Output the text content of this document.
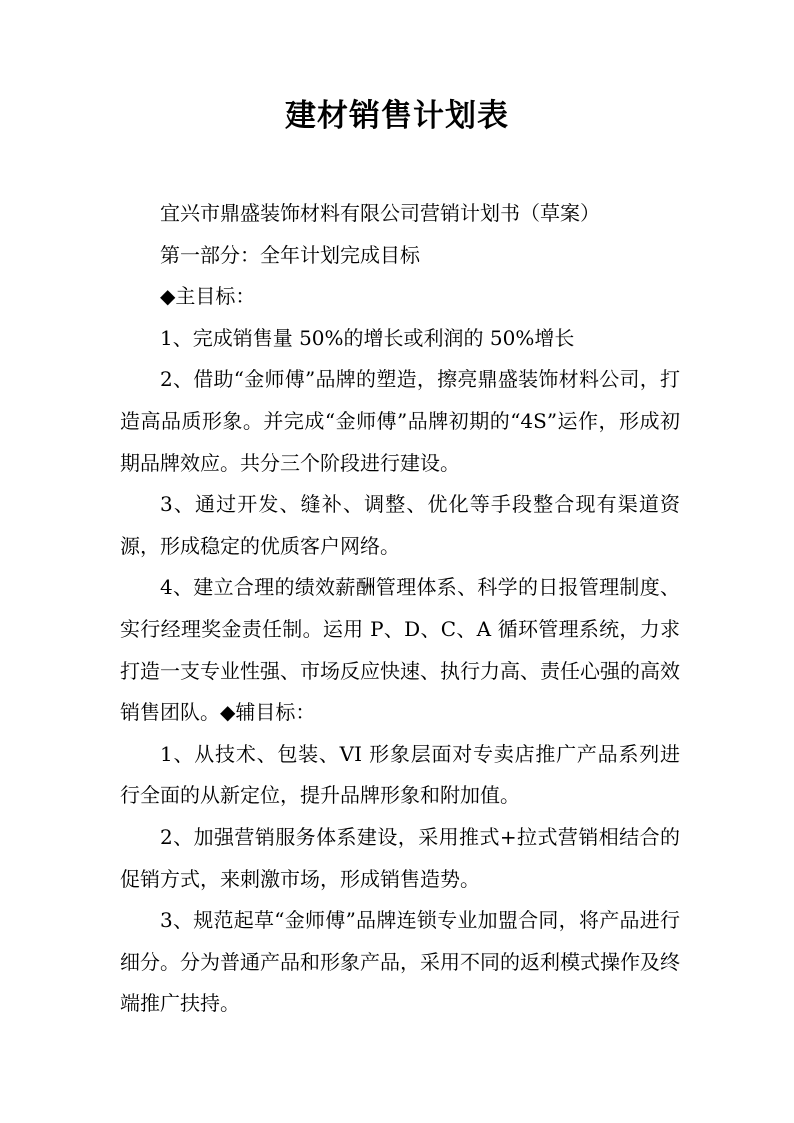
建材销售计划表

宜兴市鼎盛装饰材料有限公司营销计划书（草案）

第一部分：全年计划完成目标

◆主目标：

1、完成销售量 50%的增长或利润的 50%增长

2、借助“金师傅”品牌的塑造，擦亮鼎盛装饰材料公司，打造高品质形象。并完成“金师傅”品牌初期的“4S”运作，形成初期品牌效应。共分三个阶段进行建设。

3、通过开发、缝补、调整、优化等手段整合现有渠道资源，形成稳定的优质客户网络。

4、建立合理的绩效薪酬管理体系、科学的日报管理制度、实行经理奖金责任制。运用 P、D、C、A 循环管理系统，力求打造一支专业性强、市场反应快速、执行力高、责任心强的高效销售团队。◆辅目标：

1、从技术、包装、VI 形象层面对专卖店推广产品系列进行全面的从新定位，提升品牌形象和附加值。

2、加强营销服务体系建设，采用推式+拉式营销相结合的促销方式，来刺激市场，形成销售造势。

3、规范起草“金师傅”品牌连锁专业加盟合同，将产品进行细分。分为普通产品和形象产品，采用不同的返利模式操作及终端推广扶持。
